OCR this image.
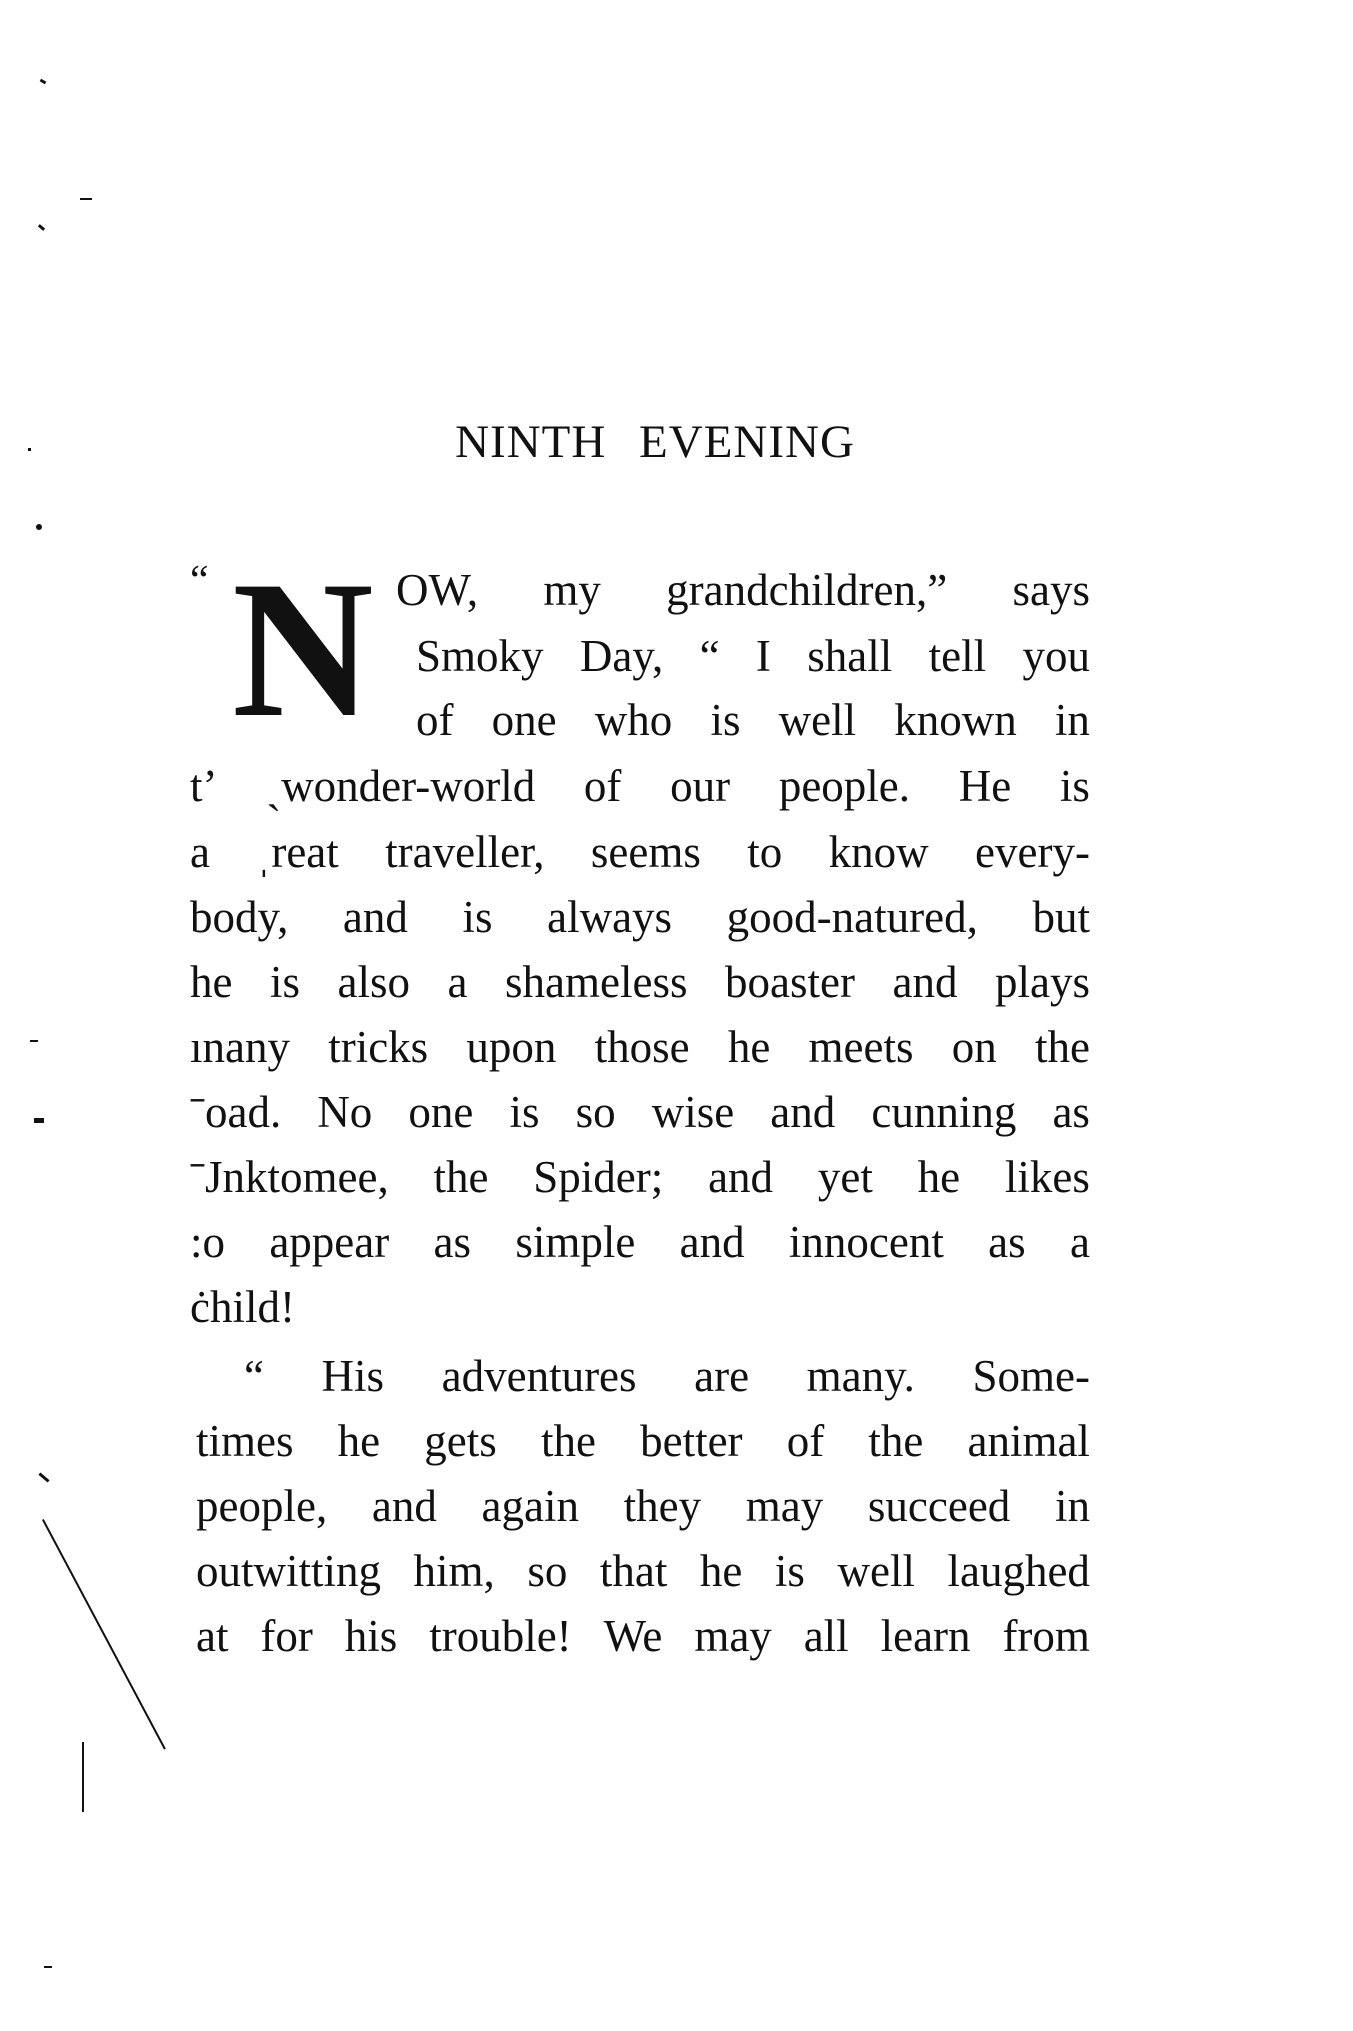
NINTH EVENING
“ N OW, my grandchildren,” says
Smoky Day, “ I shall tell you
of one who is well known in
tʼ ˎwonder-world of our people. He is
a ˌreat traveller, seems to know every-
body, and is always good-natured, but
he is also a shameless boaster and plays
ınany tricks upon those he meets on the
ˉoad. No one is so wise and cunning as
ˉJnktomee, the Spider; and yet he likes
:o appear as simple and innocent as a
ċhild!
“ His adventures are many. Some-
times he gets the better of the animal
people, and again they may succeed in
outwitting him, so that he is well laughed
at for his trouble! We may all learn from
